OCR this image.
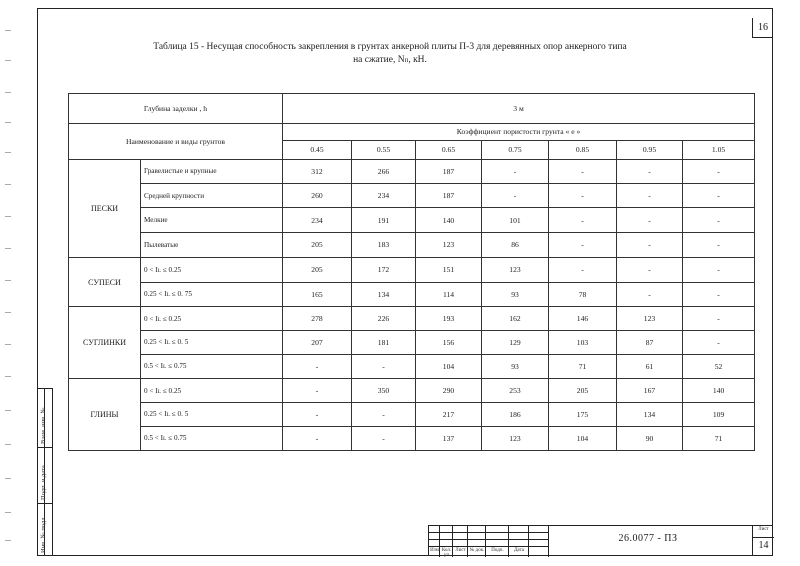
16
Таблица 15 - Несущая способность закрепления в грунтах анкерной плиты П-3 для деревянных опор анкерного типа
на сжатие, Nп, кН.
Глубина заделки , h		3 м						
Наименование и виды грунтов		Коэффициент пористости грунта « е »						
		0.45	0.55	0.65	0.75	0.85	0.95	1.05
ПЕСКИ	Гравелистые и крупные	312	266	187	-	-	-	-
	Средней крупности	260	234	187	-	-	-	-
	Мелкие	234	191	140	101	-	-	-
	Пылеватые	205	183	123	86	-	-	-
СУПЕСИ	0 < IL ≤ 0.25	205	172	151	123	-	-	-
	0.25 < IL ≤ 0. 75	165	134	114	93	78	-	-
СУГЛИНКИ	0 < IL ≤ 0.25	278	226	193	162	146	123	-
	0.25 < IL ≤ 0. 5	207	181	156	129	103	87	-
	0.5 < IL ≤ 0.75	-	-	104	93	71	61	52
ГЛИНЫ	0 < IL ≤ 0.25	-	350	290	253	205	167	140
	0.25 < IL ≤ 0. 5	-	-	217	186	175	134	109
	0.5 < IL ≤ 0.75	-	-	137	123	104	90	71
Инв. № подл.
Подп. и дата
Взам. инв. №
Изм Кол. уч
Лист № док.	Подп.	Дата
26.0077 - ПЗ
Лист
14
